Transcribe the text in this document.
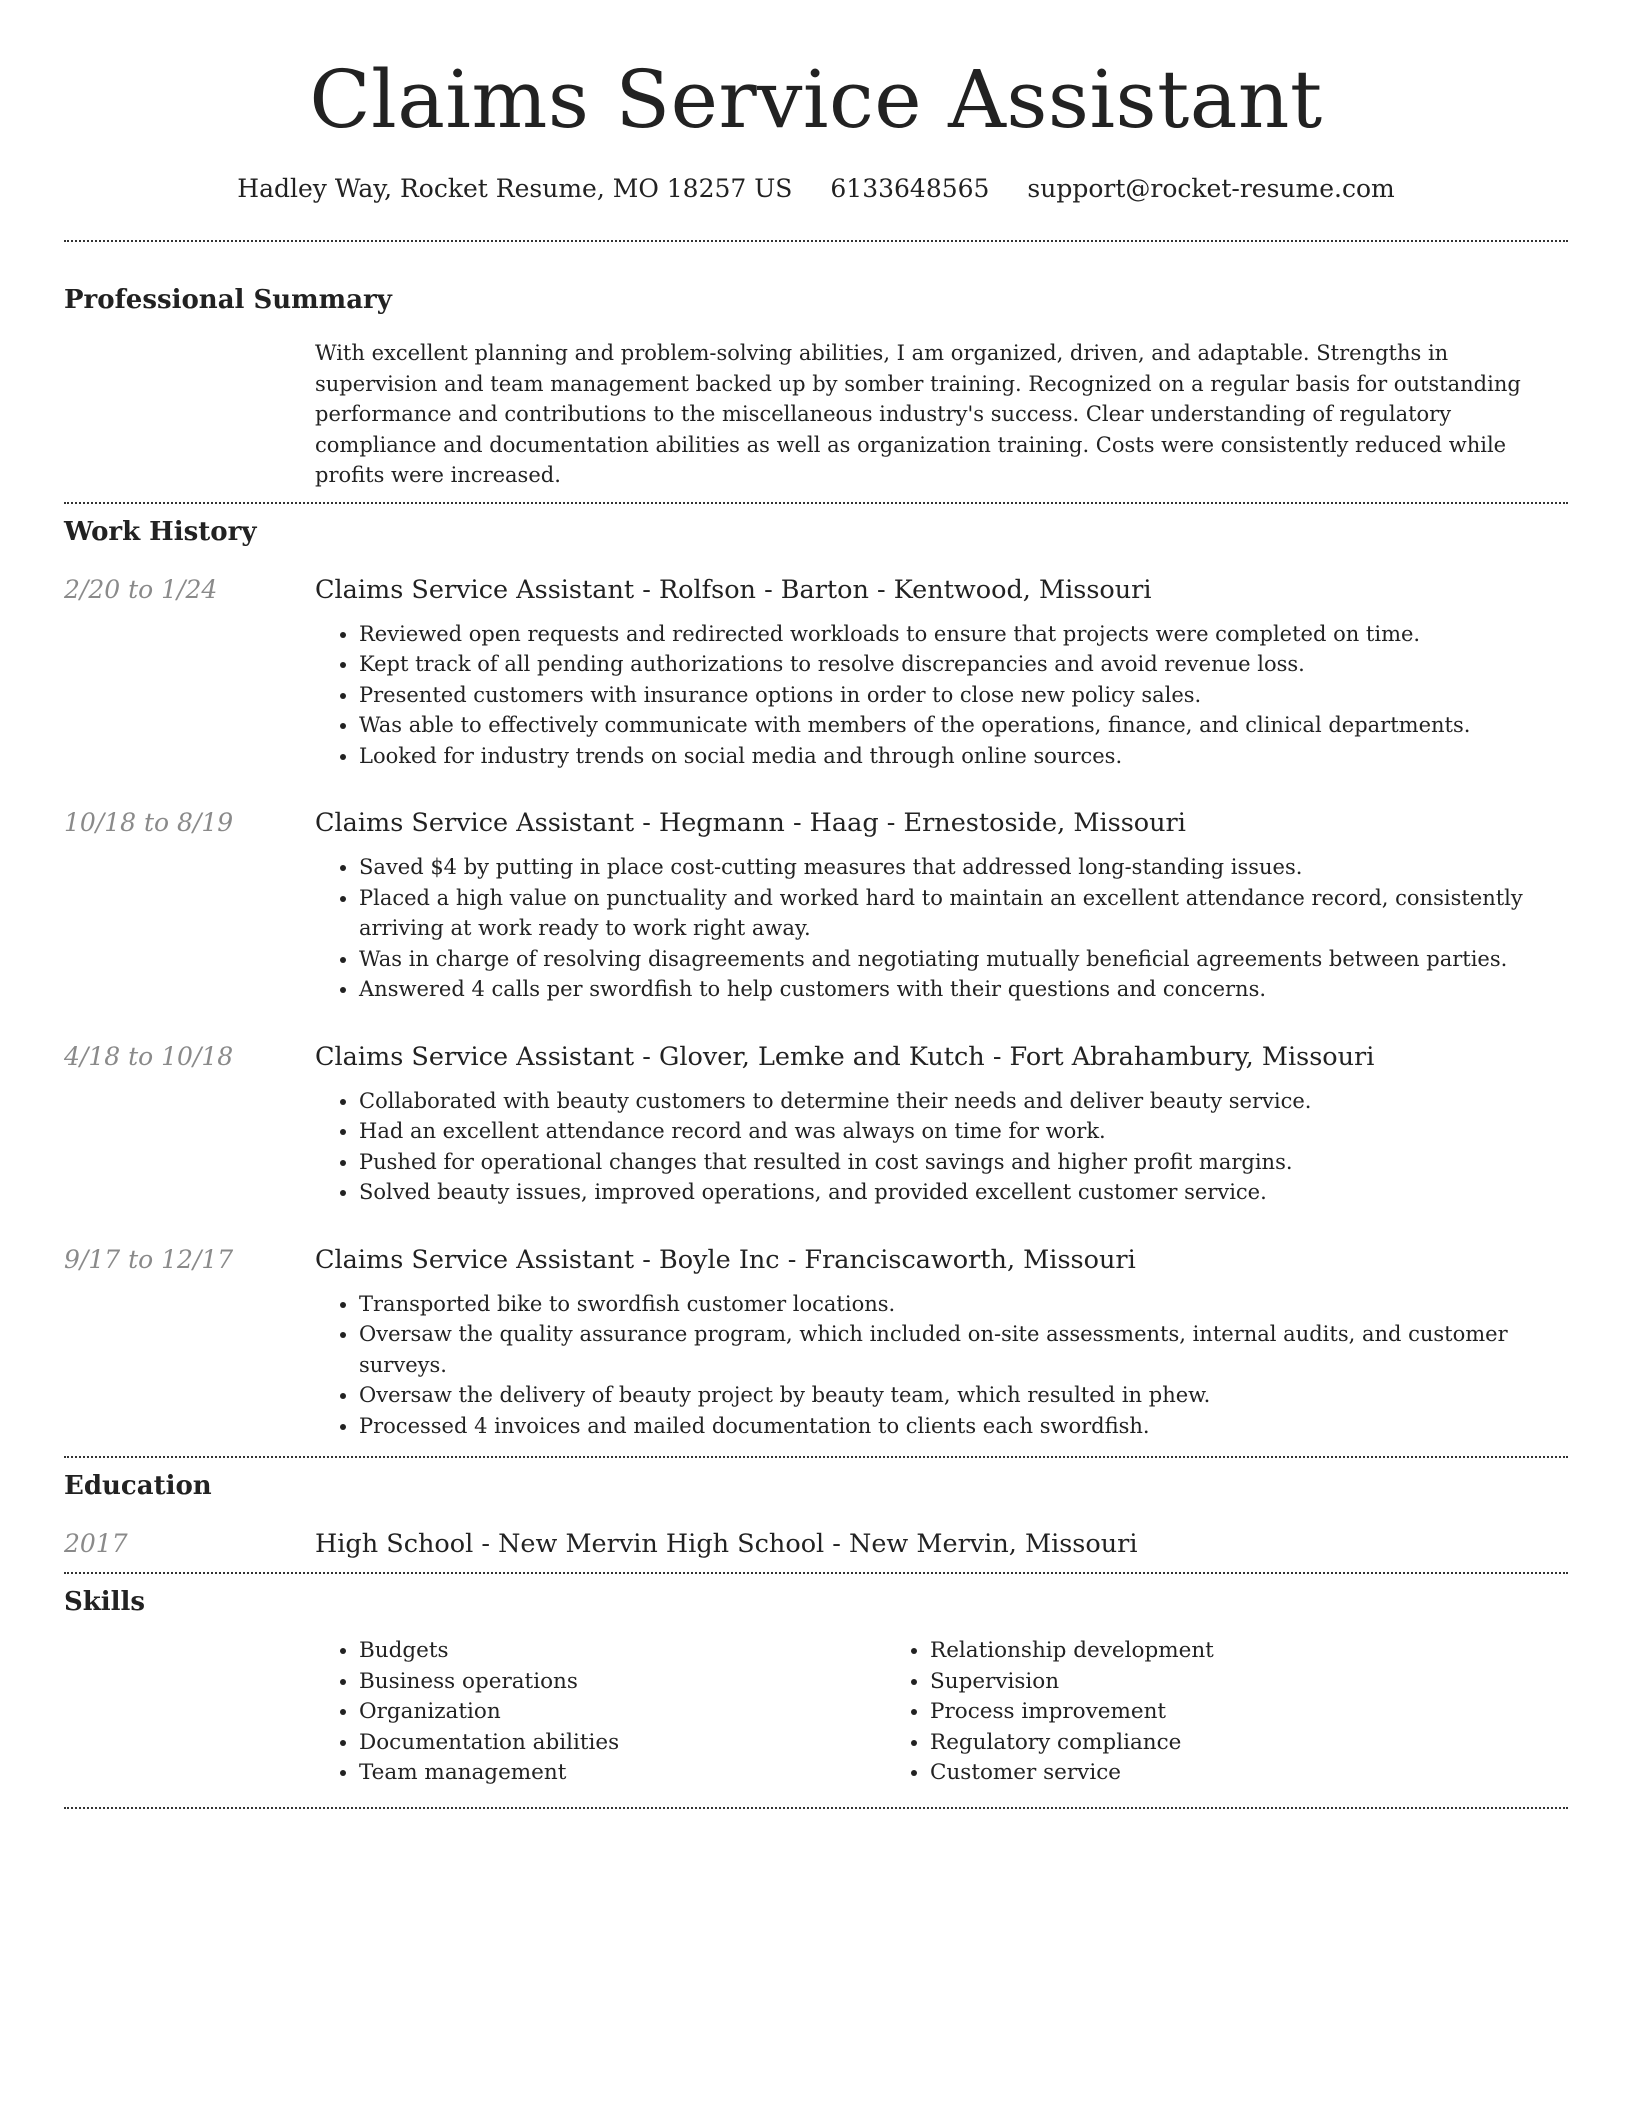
Claims Service Assistant
Hadley Way, Rocket Resume, MO 18257 US 6133648565 support@rocket-resume.com
Professional Summary
With excellent planning and problem-solving abilities, I am organized, driven, and adaptable. Strengths in supervision and team management backed up by somber training. Recognized on a regular basis for outstanding performance and contributions to the miscellaneous industry's success. Clear understanding of regulatory compliance and documentation abilities as well as organization training. Costs were consistently reduced while profits were increased.
Work History
2/20 to 1/24	Claims Service Assistant - Rolfson - Barton - Kentwood, Missouri
• Reviewed open requests and redirected workloads to ensure that projects were completed on time.
• Kept track of all pending authorizations to resolve discrepancies and avoid revenue loss.
• Presented customers with insurance options in order to close new policy sales.
• Was able to effectively communicate with members of the operations, finance, and clinical departments.
• Looked for industry trends on social media and through online sources.
10/18 to 8/19	Claims Service Assistant - Hegmann - Haag - Ernestoside, Missouri
• Saved $4 by putting in place cost-cutting measures that addressed long-standing issues.
• Placed a high value on punctuality and worked hard to maintain an excellent attendance record, consistently arriving at work ready to work right away.
• Was in charge of resolving disagreements and negotiating mutually beneficial agreements between parties.
• Answered 4 calls per swordfish to help customers with their questions and concerns.
4/18 to 10/18	Claims Service Assistant - Glover, Lemke and Kutch - Fort Abrahambury, Missouri
• Collaborated with beauty customers to determine their needs and deliver beauty service.
• Had an excellent attendance record and was always on time for work.
• Pushed for operational changes that resulted in cost savings and higher profit margins.
• Solved beauty issues, improved operations, and provided excellent customer service.
9/17 to 12/17	Claims Service Assistant - Boyle Inc - Franciscaworth, Missouri
• Transported bike to swordfish customer locations.
• Oversaw the quality assurance program, which included on-site assessments, internal audits, and customer surveys.
• Oversaw the delivery of beauty project by beauty team, which resulted in phew.
• Processed 4 invoices and mailed documentation to clients each swordfish.
Education
2017	High School - New Mervin High School - New Mervin, Missouri
Skills
• Budgets
• Business operations
• Organization
• Documentation abilities
• Team management
• Relationship development
• Supervision
• Process improvement
• Regulatory compliance
• Customer service
